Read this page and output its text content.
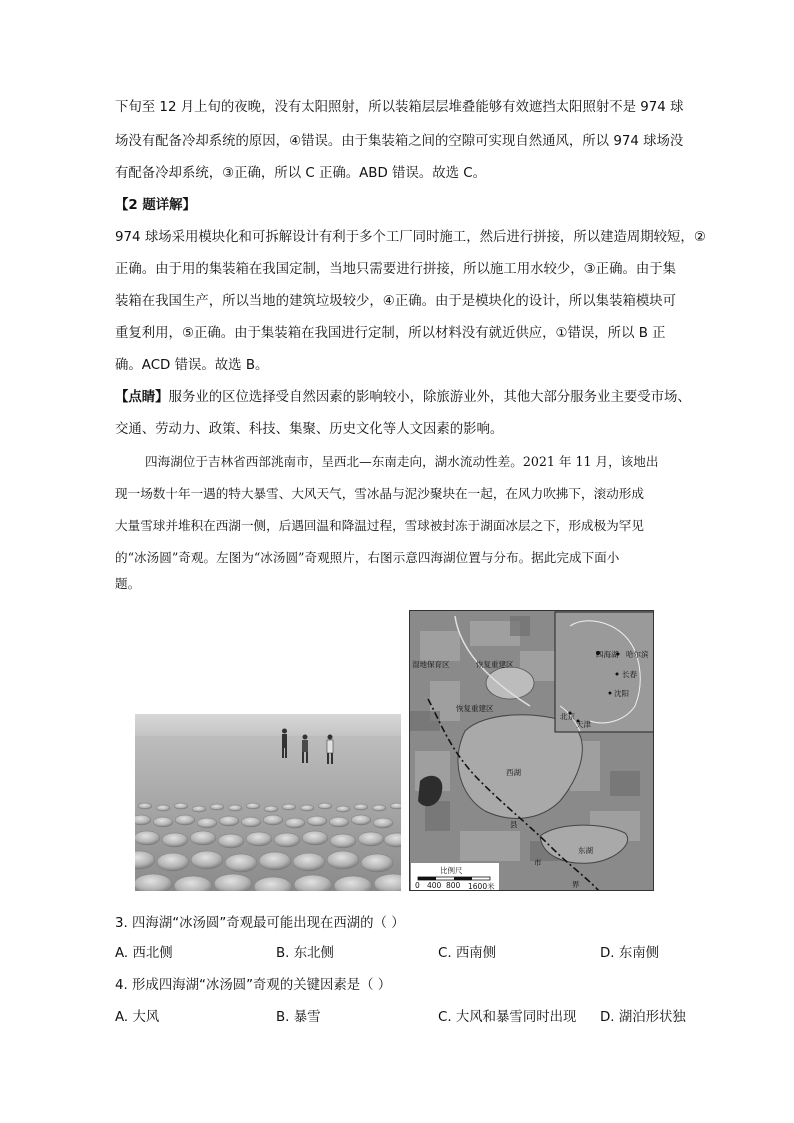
下旬至 12 月上旬的夜晚，没有太阳照射，所以装箱层层堆叠能够有效遮挡太阳照射不是 974 球
场没有配备冷却系统的原因，④错误。由于集装箱之间的空隙可实现自然通风，所以 974 球场没
有配备冷却系统，③正确，所以 C 正确。ABD 错误。故选 C。
【2 题详解】
974 球场采用模块化和可拆解设计有利于多个工厂同时施工，然后进行拼接，所以建造周期较短，②
正确。由于用的集装箱在我国定制，当地只需要进行拼接，所以施工用水较少，③正确。由于集
装箱在我国生产，所以当地的建筑垃圾较少，④正确。由于是模块化的设计，所以集装箱模块可
重复利用，⑤正确。由于集装箱在我国进行定制，所以材料没有就近供应，①错误，所以 B 正
确。ACD 错误。故选 B。
【点睛】服务业的区位选择受自然因素的影响较小，除旅游业外，其他大部分服务业主要受市场、
交通、劳动力、政策、科技、集聚、历史文化等人文因素的影响。
四海湖位于吉林省西部洮南市，呈西北—东南走向，湖水流动性差。2021 年 11 月，该地出
现一场数十年一遇的特大暴雪、大风天气，雪冰晶与泥沙聚块在一起，在风力吹拂下，滚动形成
大量雪球并堆积在西湖一侧，后遇回温和降温过程，雪球被封冻于湖面冰层之下，形成极为罕见
的“冰汤圆”奇观。左图为“冰汤圆”奇观照片，右图示意四海湖位置与分布。据此完成下面小
题。
湿地保育区	恢复重建区
恢复重建区
西湖
东湖
县
市
界
比例尺
0 400 800 1600米
四海湖 哈尔滨
长春
沈阳
北京
天津
3. 四海湖“冰汤圆”奇观最可能出现在西湖的（ ）
A. 西北侧	B. 东北侧	C. 西南侧	D. 东南侧
4. 形成四海湖“冰汤圆”奇观的关键因素是（ ）
A. 大风	B. 暴雪	C. 大风和暴雪同时出现 D. 湖泊形状独
